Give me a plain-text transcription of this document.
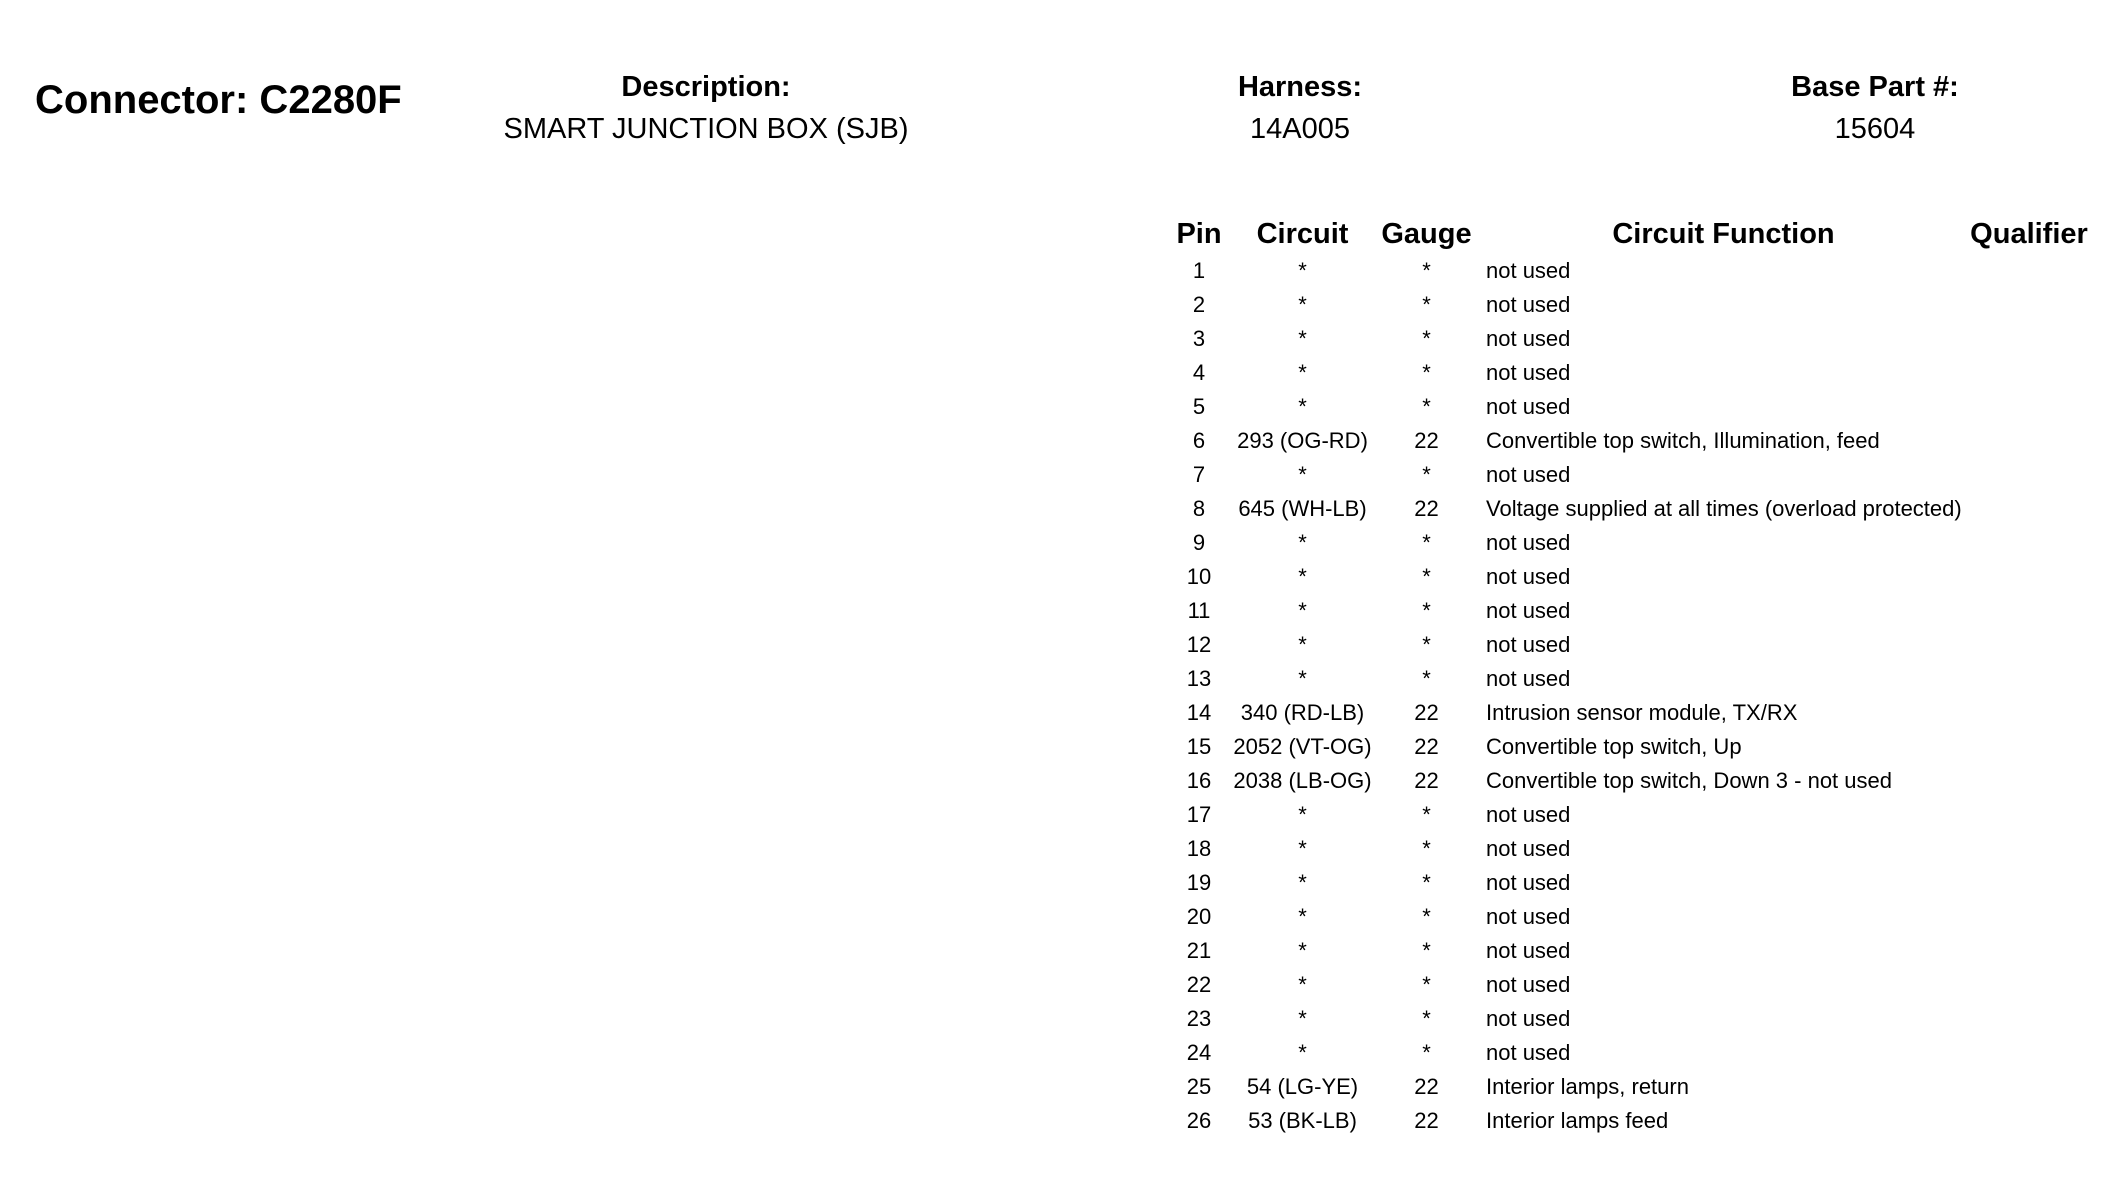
Connector: C2280F	Description:
SMART JUNCTION BOX (SJB)
Harness:
14A005
Base Part #:
15604
Pin	Circuit	Gauge	Circuit Function	Qualifier
1	*	*	not used	
2	*	*	not used	
3	*	*	not used	
4	*	*	not used	
5	*	*	not used	
6	293 (OG-RD)	22	Convertible top switch, Illumination, feed	
7	*	*	not used	
8	645 (WH-LB)	22	Voltage supplied at all times (overload protected)	
9	*	*	not used	
10	*	*	not used	
11	*	*	not used	
12	*	*	not used	
13	*	*	not used	
14	340 (RD-LB)	22	Intrusion sensor module, TX/RX	
15	2052 (VT-OG)	22	Convertible top switch, Up	
16	2038 (LB-OG)	22	Convertible top switch, Down 3 - not used	
17	*	*	not used	
18	*	*	not used	
19	*	*	not used	
20	*	*	not used	
21	*	*	not used	
22	*	*	not used	
23	*	*	not used	
24	*	*	not used	
25	54 (LG-YE)	22	Interior lamps, return	
26	53 (BK-LB)	22	Interior lamps feed	
